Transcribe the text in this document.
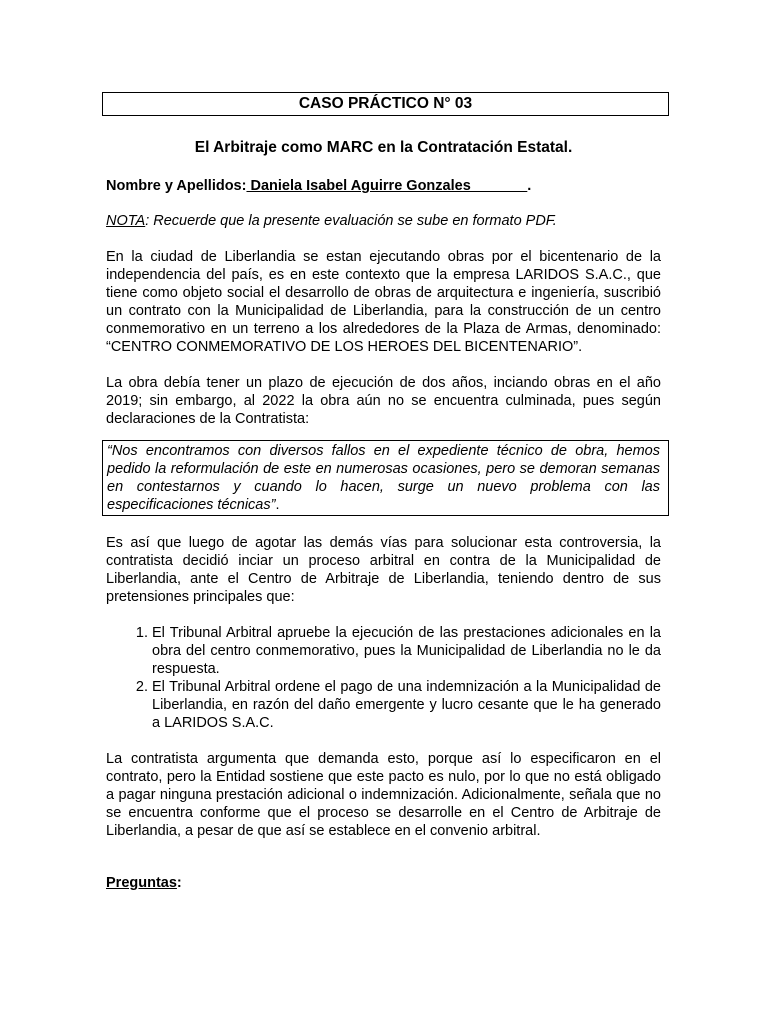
CASO PRÁCTICO N° 03
El Arbitraje como MARC en la Contratación Estatal.
Nombre y Apellidos: Daniela Isabel Aguirre Gonzales_______.

NOTA: Recuerde que la presente evaluación se sube en formato PDF.

En la ciudad de Liberlandia se estan ejecutando obras por el bicentenario de la independencia del país, es en este contexto que la empresa LARIDOS S.A.C., que tiene como objeto social el desarrollo de obras de arquitectura e ingeniería, suscribió un contrato con la Municipalidad de Liberlandia, para la construcción de un centro conmemorativo en un terreno a los alrededores de la Plaza de Armas, denominado: “CENTRO CONMEMORATIVO DE LOS HEROES DEL BICENTENARIO”.

La obra debía tener un plazo de ejecución de dos años, inciando obras en el año 2019; sin embargo, al 2022 la obra aún no se encuentra culminada, pues según declaraciones de la Contratista:

“Nos encontramos con diversos fallos en el expediente técnico de obra, hemos pedido la reformulación de este en numerosas ocasiones, pero se demoran semanas en contestarnos y cuando lo hacen, surge un nuevo problema con las especificaciones técnicas”.

Es así que luego de agotar las demás vías para solucionar esta controversia, la contratista decidió inciar un proceso arbitral en contra de la Municipalidad de Liberlandia, ante el Centro de Arbitraje de Liberlandia, teniendo dentro de sus pretensiones principales que:

1. El Tribunal Arbitral apruebe la ejecución de las prestaciones adicionales en la obra del centro conmemorativo, pues la Municipalidad de Liberlandia no le da respuesta.
2. El Tribunal Arbitral ordene el pago de una indemnización a la Municipalidad de Liberlandia, en razón del daño emergente y lucro cesante que le ha generado a LARIDOS S.A.C.

La contratista argumenta que demanda esto, porque así lo especificaron en el contrato, pero la Entidad sostiene que este pacto es nulo, por lo que no está obligado a pagar ninguna prestación adicional o indemnización. Adicionalmente, señala que no se encuentra conforme que el proceso se desarrolle en el Centro de Arbitraje de Liberlandia, a pesar de que así se establece en el convenio arbitral.

Preguntas:
